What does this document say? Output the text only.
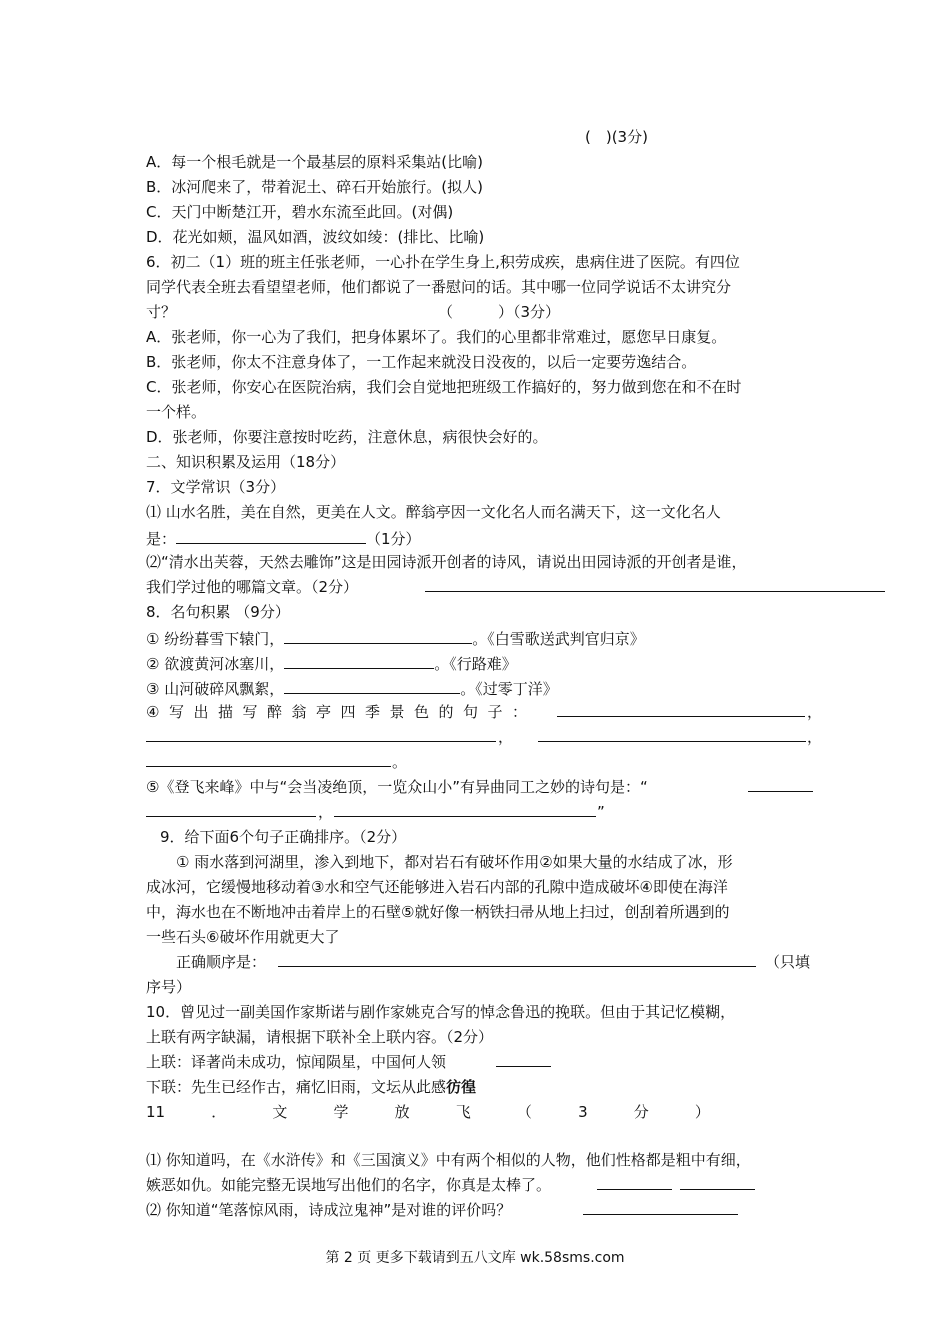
(　)(3分)
A．每一个根毛就是一个最基层的原料采集站(比喻)
B．冰河爬来了，带着泥土、碎石开始旅行。(拟人)
C．天门中断楚江开，碧水东流至此回。(对偶)
D．花光如颊，温风如酒，波纹如绫：(排比、比喻)
6．初二（1）班的班主任张老师，一心扑在学生身上,积劳成疾，患病住进了医院。有四位
同学代表全班去看望望老师，他们都说了一番慰问的话。其中哪一位同学说话不太讲究分
寸？	（　　　）（3分）
A．张老师，你一心为了我们，把身体累坏了。我们的心里都非常难过，愿您早日康复。
B．张老师，你太不注意身体了，一工作起来就没日没夜的，以后一定要劳逸结合。
C．张老师，你安心在医院治病，我们会自觉地把班级工作搞好的，努力做到您在和不在时
一个样。
D．张老师，你要注意按时吃药，注意休息，病很快会好的。
二、知识积累及运用（18分）
7．文学常识（3分）
⑴ 山水名胜，美在自然，更美在人文。醉翁亭因一文化名人而名满天下，这一文化名人
是：	（1分）
⑵“清水出芙蓉，天然去雕饰”这是田园诗派开创者的诗风，请说出田园诗派的开创者是谁，
我们学过他的哪篇文章。（2分）
8．名句积累 （9分）
① 纷纷暮雪下辕门，	。《白雪歌送武判官归京》
② 欲渡黄河冰塞川，	。《行路难》
③ 山河破碎风飘絮，	。《过零丁洋》
④写出描写醉翁亭四季景色的句子：	，
，	，
。
⑤《登飞来峰》中与“会当凌绝顶，一览众山小”有异曲同工之妙的诗句是：“
，	”
9．给下面6个句子正确排序。（2分）
① 雨水落到河湖里，渗入到地下，都对岩石有破坏作用②如果大量的水结成了冰，形
成冰河，它缓慢地移动着③水和空气还能够进入岩石内部的孔隙中造成破坏④即使在海洋
中，海水也在不断地冲击着岸上的石壁⑤就好像一柄铁扫帚从地上扫过，创刮着所遇到的
一些石头⑥破坏作用就更大了
正确顺序是：	（只填
序号）
10．曾见过一副美国作家斯诺与剧作家姚克合写的悼念鲁迅的挽联。但由于其记忆模糊，
上联有两字缺漏，请根据下联补全上联内容。（2分）
上联：译著尚未成功，惊闻陨星，中国何人领
下联：先生已经作古，痛忆旧雨，文坛从此感彷徨
11	．	文	学	放	飞	（	3	分	）
⑴ 你知道吗，在《水浒传》和《三国演义》中有两个相似的人物，他们性格都是粗中有细，
嫉恶如仇。如能完整无误地写出他们的名字，你真是太棒了。
⑵ 你知道“笔落惊风雨，诗成泣鬼神”是对谁的评价吗？
第 2 页 更多下载请到五八文库 wk.58sms.com
